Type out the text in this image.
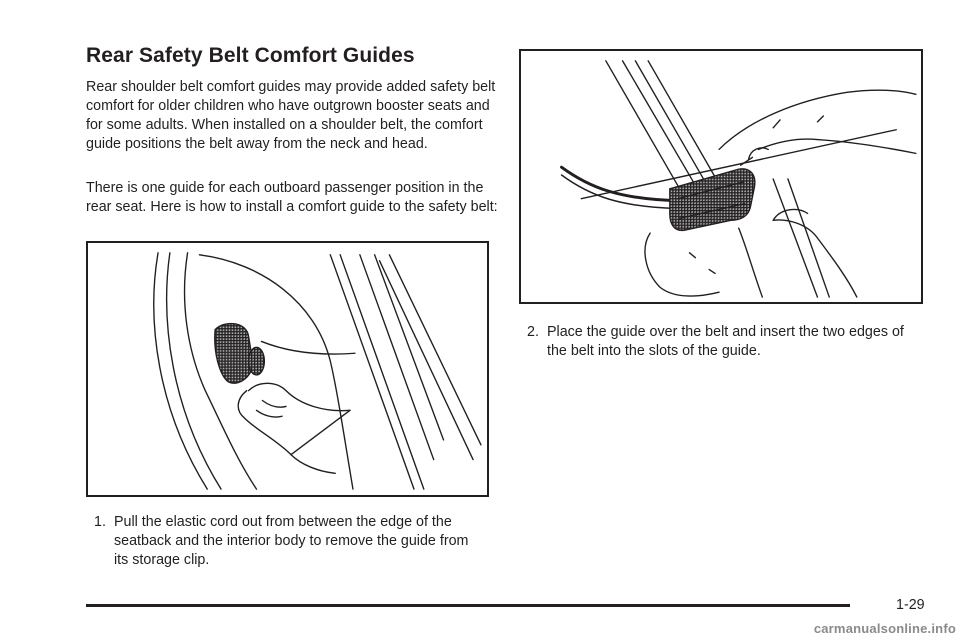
Rear Safety Belt Comfort Guides

Rear shoulder belt comfort guides may provide added safety belt comfort for older children who have outgrown booster seats and for some adults. When installed on a shoulder belt, the comfort guide positions the belt away from the neck and head.

There is one guide for each outboard passenger position in the rear seat. Here is how to install a comfort guide to the safety belt:

1. Pull the elastic cord out from between the edge of the seatback and the interior body to remove the guide from its storage clip.
2. Place the guide over the belt and insert the two edges of the belt into the slots of the guide.
1-29
carmanualsonline.info
